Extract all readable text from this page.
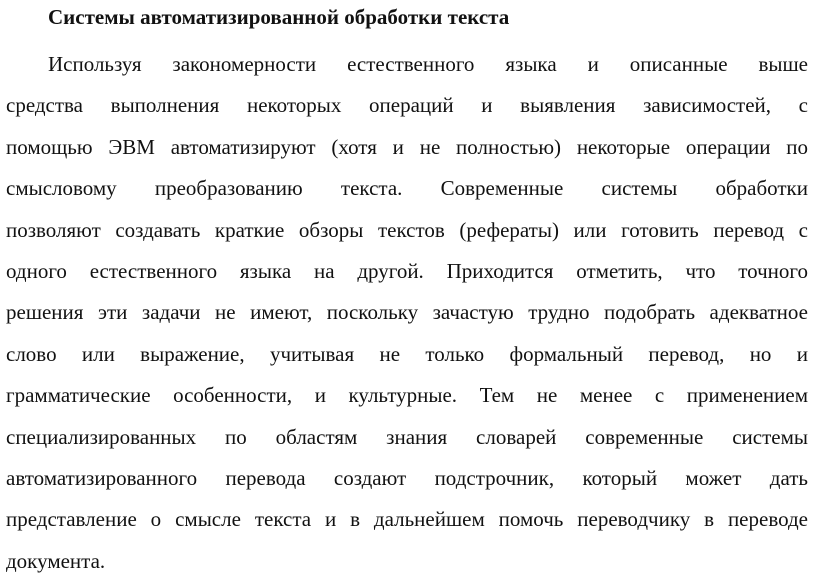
Системы автоматизированной обработки текста
Используя закономерности естественного языка и описанные выше
средства выполнения некоторых операций и выявления зависимостей, с
помощью ЭВМ автоматизируют (хотя и не полностью) некоторые операции по
смысловому преобразованию текста. Современные системы обработки
позволяют создавать краткие обзоры текстов (рефераты) или готовить перевод с
одного естественного языка на другой. Приходится отметить, что точного
решения эти задачи не имеют, поскольку зачастую трудно подобрать адекватное
слово или выражение, учитывая не только формальный перевод, но и
грамматические особенности, и культурные. Тем не менее с применением
специализированных по областям знания словарей современные системы
автоматизированного перевода создают подстрочник, который может дать
представление о смысле текста и в дальнейшем помочь переводчику в переводе
документа.
